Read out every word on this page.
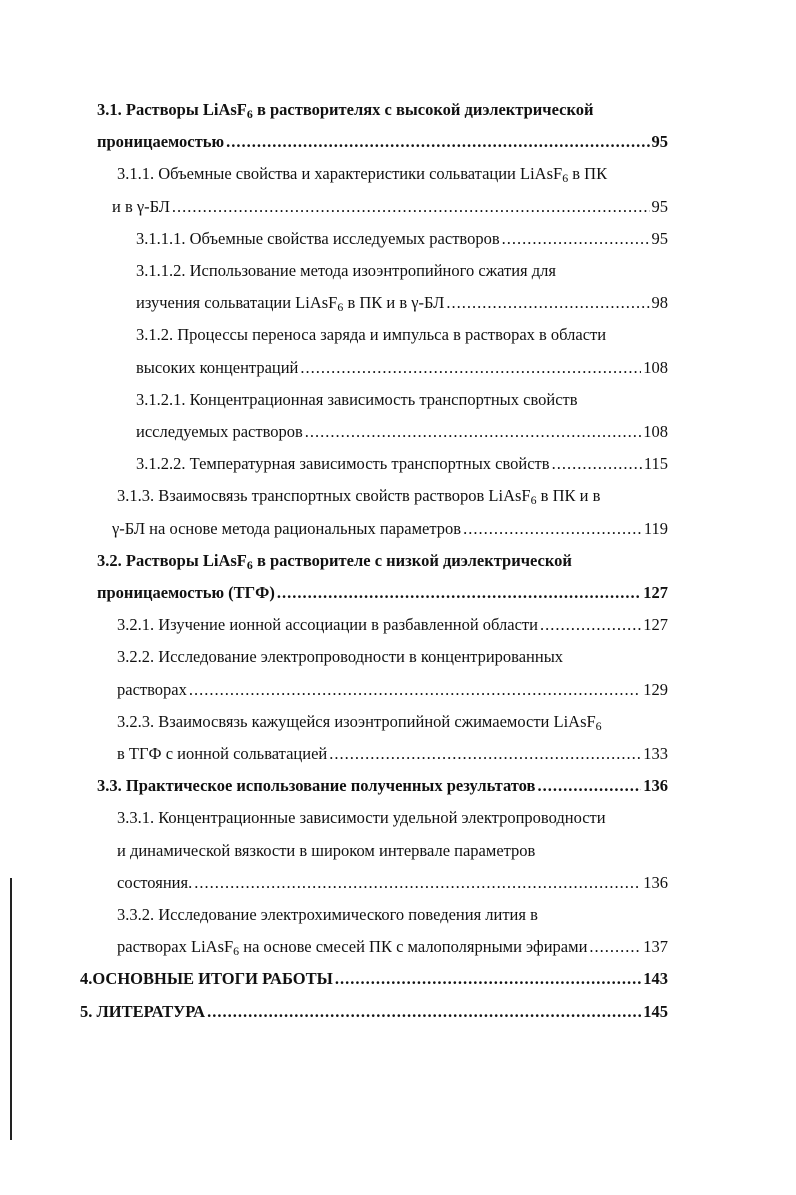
3.1. Растворы LiAsF$_6$ в растворителях с высокой диэлектрической
проницаемостью .....	95
3.1.1. Объемные свойства и характеристики сольватации LiAsF$_6$ в ПК
и в γ-БЛ .....	95
3.1.1.1. Объемные свойства исследуемых растворов .....	95
3.1.1.2. Использование метода изоэнтропийного сжатия для
изучения сольватации LiAsF$_6$ в ПК и в γ-БЛ .....	98
3.1.2. Процессы переноса заряда и импульса в растворах в области
высоких концентраций .....	108
3.1.2.1. Концентрационная зависимость транспортных свойств
исследуемых растворов .....	108
3.1.2.2. Температурная зависимость транспортных свойств .....	115
3.1.3. Взаимосвязь транспортных свойств растворов LiAsF$_6$ в ПК и в
γ-БЛ на основе метода рациональных параметров .....	119
3.2. Растворы LiAsF$_6$ в растворителе с низкой диэлектрической
проницаемостью (ТГФ) .....	127
3.2.1. Изучение ионной ассоциации в разбавленной области .....	127
3.2.2. Исследование электропроводности в концентрированных
растворах .....	129
3.2.3. Взаимосвязь кажущейся изоэнтропийной сжимаемости LiAsF$_6$
в ТГФ с ионной сольватацией .....	133
3.3. Практическое использование полученных результатов .....	136
3.3.1. Концентрационные зависимости удельной электропроводности
и динамической вязкости в широком интервале параметров
состояния. .....	136
3.3.2. Исследование электрохимического поведения лития в
растворах LiAsF$_6$ на основе смесей ПК с малополярными эфирами .....	137
4.ОСНОВНЫЕ ИТОГИ РАБОТЫ .....	143
5. ЛИТЕРАТУРА .....	145
